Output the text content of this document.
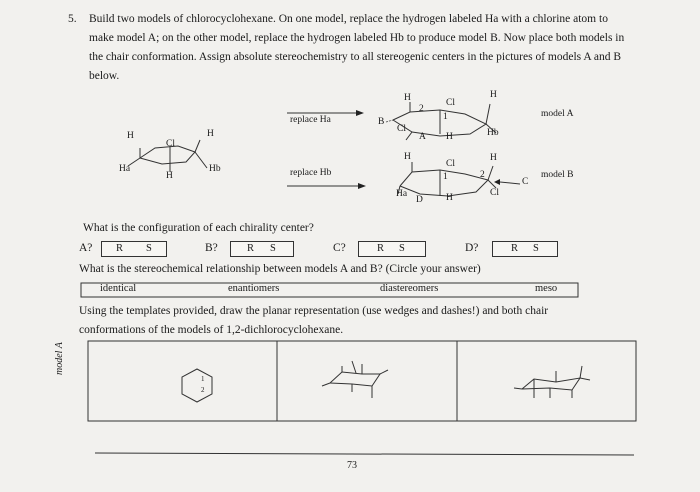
5. Build two models of chlorocyclohexane. On one model, replace the hydrogen labeled Ha with a chlorine atom to
make model A; on the other model, replace the hydrogen labeled Hb to produce model B. Now place both models in
the chair conformation. Assign absolute stereochemistry to all stereogenic centers in the pictures of models A and B
below.
H
Cl
H
Ha
H
Hb
replace Ha
replace Hb
H
2
Cl
1
H
B
Cl
A H	Hb
model A
H
Cl
1	2
H
Ha
D H	Cl
C
model B
What is the configuration of each chirality center?
A? R S	B?	R S	C?	R S	D?	R S
What is the stereochemical relationship between models A and B? (Circle your answer)
identical	enantiomers	diastereomers	meso
Using the templates provided, draw the planar representation (use wedges and dashes!) and both chair
conformations of the models of 1,2-dichlorocyclohexane.
model A
1
2
73
